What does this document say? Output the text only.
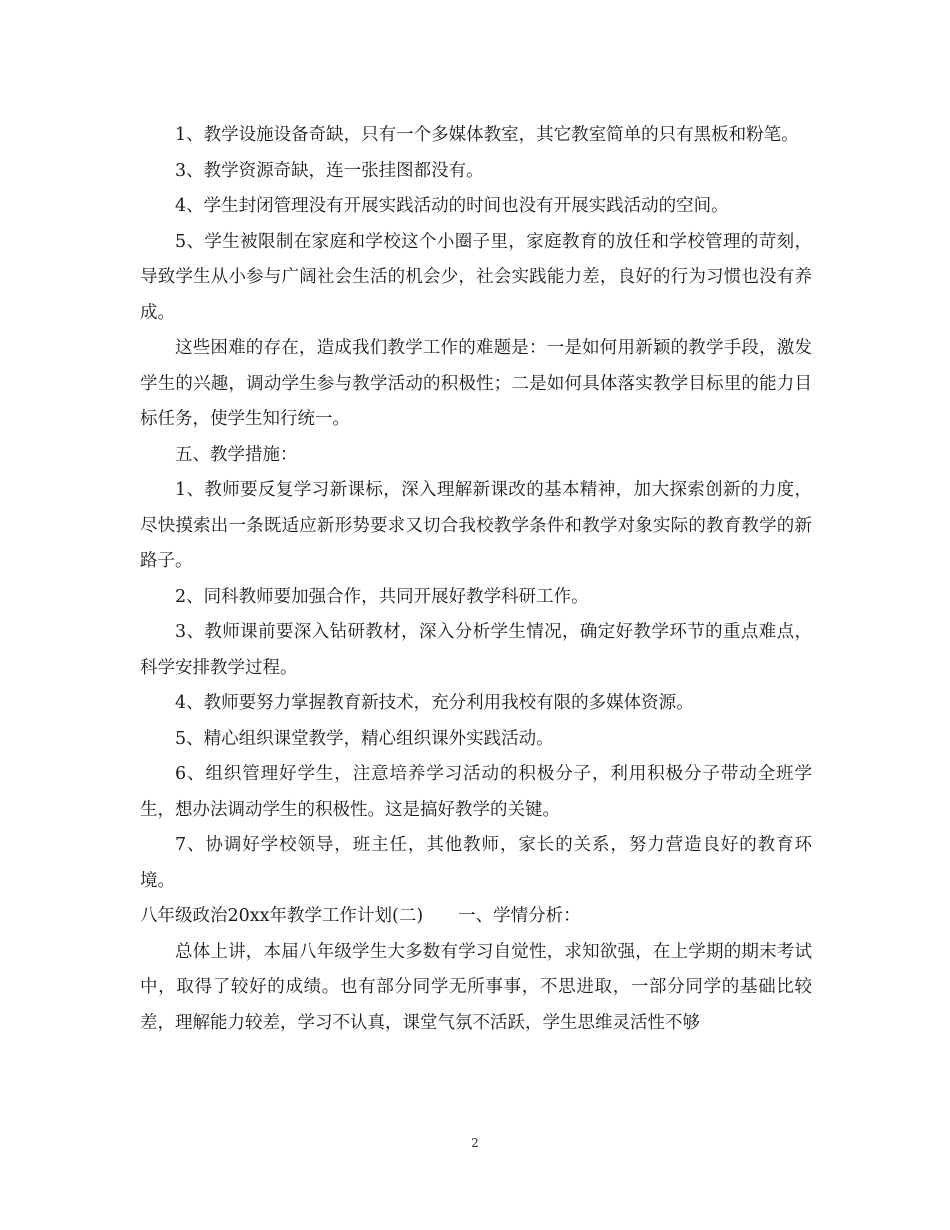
1、教学设施设备奇缺，只有一个多媒体教室，其它教室简单的只有黑板和粉笔。

3、教学资源奇缺，连一张挂图都没有。

4、学生封闭管理没有开展实践活动的时间也没有开展实践活动的空间。

5、学生被限制在家庭和学校这个小圈子里，家庭教育的放任和学校管理的苛刻，导致学生从小参与广阔社会生活的机会少，社会实践能力差，良好的行为习惯也没有养成。

这些困难的存在，造成我们教学工作的难题是：一是如何用新颖的教学手段，激发学生的兴趣，调动学生参与教学活动的积极性；二是如何具体落实教学目标里的能力目标任务，使学生知行统一。

五、教学措施：

1、教师要反复学习新课标，深入理解新课改的基本精神，加大探索创新的力度，尽快摸索出一条既适应新形势要求又切合我校教学条件和教学对象实际的教育教学的新路子。

2、同科教师要加强合作，共同开展好教学科研工作。

3、教师课前要深入钻研教材，深入分析学生情况，确定好教学环节的重点难点，科学安排教学过程。

4、教师要努力掌握教育新技术，充分利用我校有限的多媒体资源。

5、精心组织课堂教学，精心组织课外实践活动。

6、组织管理好学生，注意培养学习活动的积极分子，利用积极分子带动全班学生，想办法调动学生的积极性。这是搞好教学的关键。

7、协调好学校领导，班主任，其他教师，家长的关系，努力营造良好的教育环境。

八年级政治20xx年教学工作计划(二)　　一、学情分析：

总体上讲，本届八年级学生大多数有学习自觉性，求知欲强，在上学期的期末考试中，取得了较好的成绩。也有部分同学无所事事，不思进取，一部分同学的基础比较差，理解能力较差，学习不认真，课堂气氛不活跃，学生思维灵活性不够

2
